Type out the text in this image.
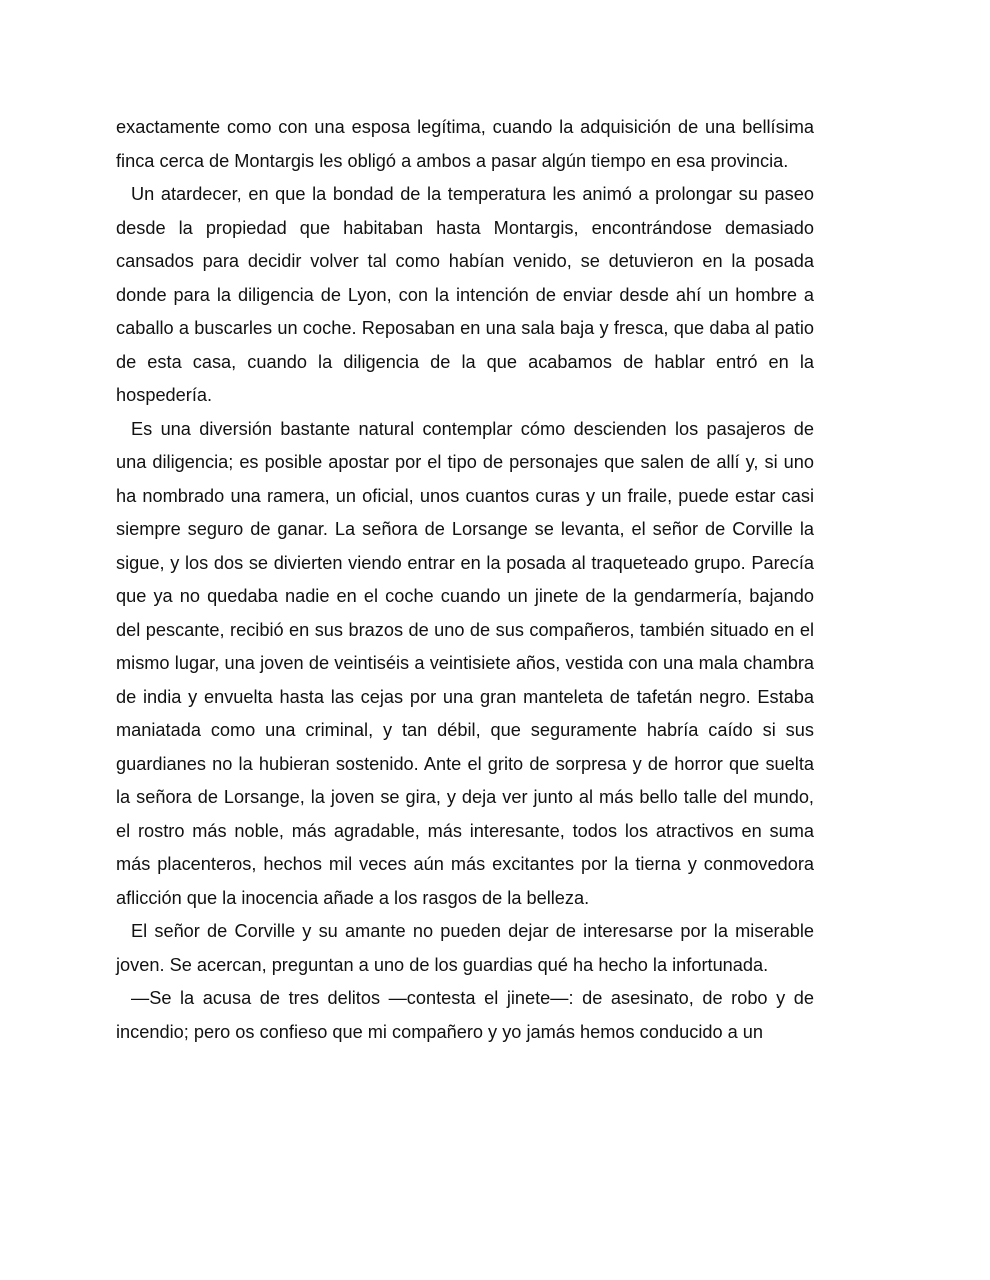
exactamente como con una esposa legítima, cuando la adquisición de una bellísima finca cerca de Montargis les obligó a ambos a pasar algún tiempo en esa provincia.

Un atardecer, en que la bondad de la temperatura les animó a prolongar su paseo desde la propiedad que habitaban hasta Montargis, encontrándose demasiado cansados para decidir volver tal como habían venido, se detuvieron en la posada donde para la diligencia de Lyon, con la intención de enviar desde ahí un hombre a caballo a buscarles un coche. Reposaban en una sala baja y fresca, que daba al patio de esta casa, cuando la diligencia de la que acabamos de hablar entró en la hospedería.

Es una diversión bastante natural contemplar cómo descienden los pasajeros de una diligencia; es posible apostar por el tipo de personajes que salen de allí y, si uno ha nombrado una ramera, un oficial, unos cuantos curas y un fraile, puede estar casi siempre seguro de ganar. La señora de Lorsange se levanta, el señor de Corville la sigue, y los dos se divierten viendo entrar en la posada al traqueteado grupo. Parecía que ya no quedaba nadie en el coche cuando un jinete de la gendarmería, bajando del pescante, recibió en sus brazos de uno de sus compañeros, también situado en el mismo lugar, una joven de veintiséis a veintisiete años, vestida con una mala chambra de india y envuelta hasta las cejas por una gran manteleta de tafetán negro. Estaba maniatada como una criminal, y tan débil, que seguramente habría caído si sus guardianes no la hubieran sostenido. Ante el grito de sorpresa y de horror que suelta la señora de Lorsange, la joven se gira, y deja ver junto al más bello talle del mundo, el rostro más noble, más agradable, más interesante, todos los atractivos en suma más placenteros, hechos mil veces aún más excitantes por la tierna y conmovedora aflicción que la inocencia añade a los rasgos de la belleza.

El señor de Corville y su amante no pueden dejar de interesarse por la miserable joven. Se acercan, preguntan a uno de los guardias qué ha hecho la infortunada.

—Se la acusa de tres delitos —contesta el jinete—: de asesinato, de robo y de incendio; pero os confieso que mi compañero y yo jamás hemos conducido a un
